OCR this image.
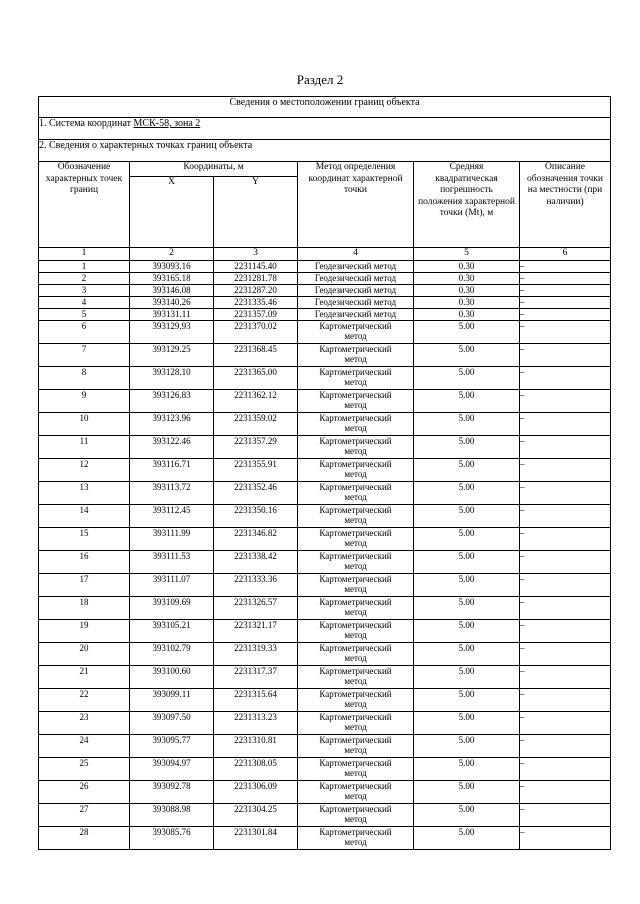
Раздел 2
Сведения о местоположении границ объекта					
1. Система координат МСК-58, зона 2					
2. Сведения о характерных точках границ объекта					
Обозначение характерных точек границ	Координаты, м		Метод определения координат характерной точки	Средняя квадратическая погрешность положения характерной точки (Mt), м	Описание обозначения точки на местности (при наличии)
	X	Y			
1	2	3	4	5	6
1	393093.16	2231145.40	Геодезический метод	0.30	–
2	393165.18	2231281.78	Геодезический метод	0.30	–
3	393146.08	2231287.20	Геодезический метод	0.30	–
4	393140.26	2231335.46	Геодезический метод	0.30	–
5	393131.11	2231357.09	Геодезический метод	0.30	–
6	393129.93	2231370.02	Картометрический метод	5.00	–
7	393129.25	2231368.45	Картометрический метод	5.00	–
8	393128.10	2231365.00	Картометрический метод	5.00	–
9	393126.83	2231362.12	Картометрический метод	5.00	–
10	393123.96	2231359.02	Картометрический метод	5.00	–
11	393122.46	2231357.29	Картометрический метод	5.00	–
12	393116.71	2231355.91	Картометрический метод	5.00	–
13	393113.72	2231352.46	Картометрический метод	5.00	–
14	393112.45	2231350.16	Картометрический метод	5.00	–
15	393111.99	2231346.82	Картометрический метод	5.00	–
16	393111.53	2231338.42	Картометрический метод	5.00	–
17	393111.07	2231333.36	Картометрический метод	5.00	–
18	393109.69	2231326.57	Картометрический метод	5.00	–
19	393105.21	2231321.17	Картометрический метод	5.00	–
20	393102.79	2231319.33	Картометрический метод	5.00	–
21	393100.60	2231317.37	Картометрический метод	5.00	–
22	393099.11	2231315.64	Картометрический метод	5.00	–
23	393097.50	2231313.23	Картометрический метод	5.00	–
24	393095.77	2231310.81	Картометрический метод	5.00	–
25	393094.97	2231308.05	Картометрический метод	5.00	–
26	393092.78	2231306.09	Картометрический метод	5.00	–
27	393088.98	2231304.25	Картометрический метод	5.00	–
28	393085.76	2231301.84	Картометрический метод	5.00	–
